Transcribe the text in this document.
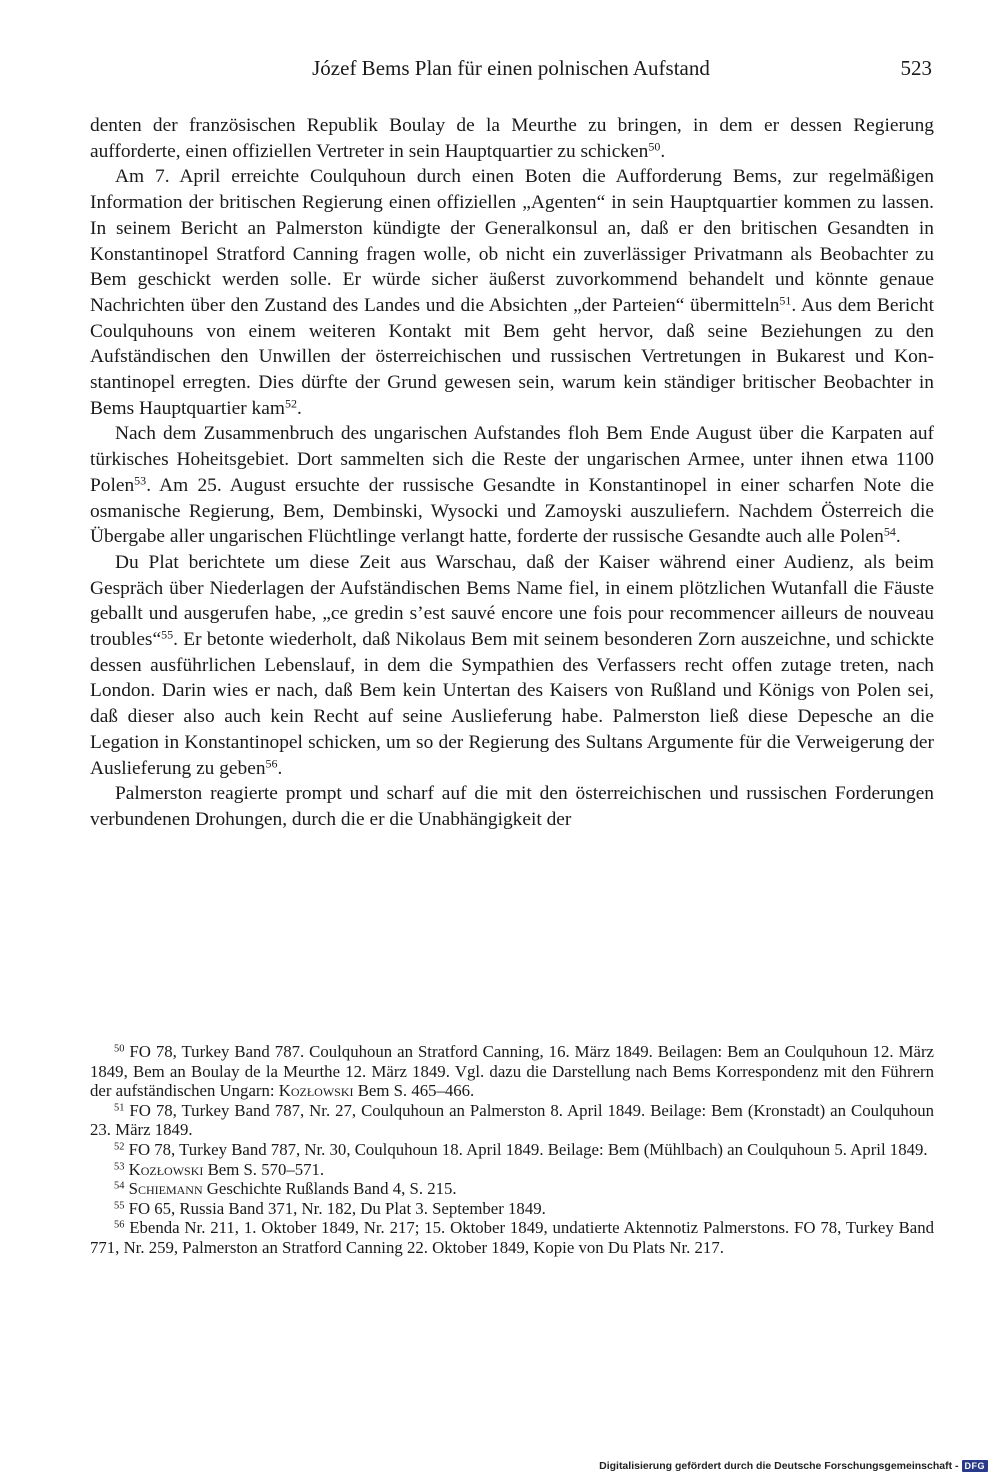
Józef Bems Plan für einen polnischen Aufstand	523

denten der französischen Republik Boulay de la Meurthe zu bringen, in dem er dessen Regierung aufforderte, einen offiziellen Vertreter in sein Hauptquartier zu schicken$^{50}$.

Am 7. April erreichte Coulquhoun durch einen Boten die Aufforderung Bems, zur regelmäßigen Information der britischen Regierung einen offiziellen „Agenten“ in sein Hauptquartier kommen zu lassen. In seinem Bericht an Palmerston kündigte der Generalkonsul an, daß er den britischen Gesandten in Konstantinopel Stratford Canning fragen wolle, ob nicht ein zuverlässiger Privatmann als Beobachter zu Bem geschickt werden solle. Er würde sicher äußerst zuvorkommend behandelt und könnte genaue Nachrichten über den Zustand des Landes und die Absichten „der Parteien“ übermitteln$^{51}$. Aus dem Bericht Coulquhouns von einem weiteren Kontakt mit Bem geht hervor, daß seine Beziehungen zu den Aufständischen den Unwillen der österreichischen und russischen Vertretungen in Bukarest und Konstantinopel erregten. Dies dürfte der Grund gewesen sein, warum kein ständiger britischer Beobachter in Bems Hauptquartier kam$^{52}$.

Nach dem Zusammenbruch des ungarischen Aufstandes floh Bem Ende August über die Karpaten auf türkisches Hoheitsgebiet. Dort sammelten sich die Reste der ungarischen Armee, unter ihnen etwa 1100 Polen$^{53}$. Am 25. August ersuchte der russische Gesandte in Konstantinopel in einer scharfen Note die osmanische Regierung, Bem, Dembinski, Wysocki und Zamoyski auszuliefern. Nachdem Österreich die Übergabe aller ungarischen Flüchtlinge verlangt hatte, forderte der russische Gesandte auch alle Polen$^{54}$.

Du Plat berichtete um diese Zeit aus Warschau, daß der Kaiser während einer Audienz, als beim Gespräch über Niederlagen der Aufständischen Bems Name fiel, in einem plötzlichen Wutanfall die Fäuste geballt und ausgerufen habe, „ce gredin s’est sauvé encore une fois pour recommencer ailleurs de nouveau troubles“$^{55}$. Er betonte wiederholt, daß Nikolaus Bem mit seinem besonderen Zorn auszeichne, und schickte dessen ausführlichen Lebenslauf, in dem die Sympathien des Verfassers recht offen zutage treten, nach London. Darin wies er nach, daß Bem kein Untertan des Kaisers von Rußland und Königs von Polen sei, daß dieser also auch kein Recht auf seine Auslieferung habe. Palmerston ließ diese Depesche an die Legation in Konstantinopel schicken, um so der Regierung des Sultans Argumente für die Verweigerung der Auslieferung zu geben$^{56}$.

Palmerston reagierte prompt und scharf auf die mit den österreichischen und russischen Forderungen verbundenen Drohungen, durch die er die Unabhängigkeit der

$^{50}$ FO 78, Turkey Band 787. Coulquhoun an Stratford Canning, 16. März 1849. Beilagen: Bem an Coulquhoun 12. März 1849, Bem an Boulay de la Meurthe 12. März 1849. Vgl. dazu die Darstellung nach Bems Korrespondenz mit den Führern der aufständischen Ungarn: Kozłowski Bem S. 465–466.

$^{51}$ FO 78, Turkey Band 787, Nr. 27, Coulquhoun an Palmerston 8. April 1849. Beilage: Bem (Kronstadt) an Coulquhoun 23. März 1849.

$^{52}$ FO 78, Turkey Band 787, Nr. 30, Coulquhoun 18. April 1849. Beilage: Bem (Mühlbach) an Coulquhoun 5. April 1849.

$^{53}$ Kozłowski Bem S. 570–571.

$^{54}$ Schiemann Geschichte Rußlands Band 4, S. 215.

$^{55}$ FO 65, Russia Band 371, Nr. 182, Du Plat 3. September 1849.

$^{56}$ Ebenda Nr. 211, 1. Oktober 1849, Nr. 217; 15. Oktober 1849, undatierte Aktennotiz Palmerstons. FO 78, Turkey Band 771, Nr. 259, Palmerston an Stratford Canning 22. Oktober 1849, Kopie von Du Plats Nr. 217.

Digitalisierung gefördert durch die Deutsche Forschungsgemeinschaft - DFG
